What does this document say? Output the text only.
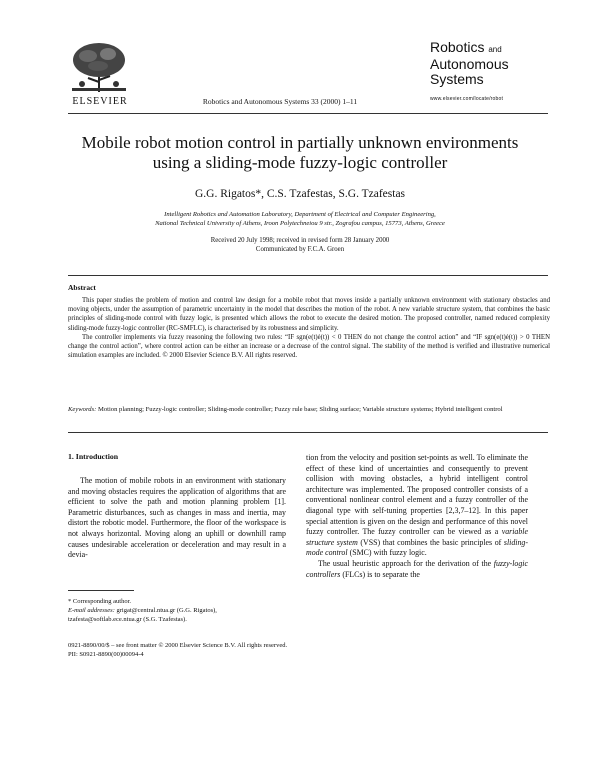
ELSEVIER	Robotics and Autonomous Systems 33 (2000) 1–11
Robotics and
Autonomous
Systems
www.elsevier.com/locate/robot
Mobile robot motion control in partially unknown environments
using a sliding-mode fuzzy-logic controller
G.G. Rigatos*, C.S. Tzafestas, S.G. Tzafestas
Intelligent Robotics and Automation Laboratory, Department of Electrical and Computer Engineering,
National Technical University of Athens, Iroon Polytechneiou 9 str., Zografou campus, 15773, Athens, Greece
Received 20 July 1998; received in revised form 28 January 2000
Communicated by F.C.A. Groen
Abstract

This paper studies the problem of motion and control law design for a mobile robot that moves inside a partially unknown environment with stationary obstacles and moving objects, under the assumption of parametric uncertainty in the model that describes the motion of the robot. A new variable structure system, that combines the basic principles of sliding-mode control with fuzzy logic, is presented which allows the robot to execute the desired motion. The proposed controller, named reduced complexity sliding-mode fuzzy-logic controller (RC-SMFLC), is characterised by its robustness and simplicity.

The controller implements via fuzzy reasoning the following two rules: “IF sgn(e(t)ė(t)) < 0 THEN do not change the control action” and “IF sgn(e(t)ė(t)) > 0 THEN change the control action”, where control action can be either an increase or a decrease of the control signal. The stability of the method is verified and illustrative numerical simulation examples are included. © 2000 Elsevier Science B.V. All rights reserved.

Keywords: Motion planning; Fuzzy-logic controller; Sliding-mode controller; Fuzzy rule base; Sliding surface; Variable structure systems; Hybrid intelligent control
1. Introduction

The motion of mobile robots in an environment with stationary and moving obstacles requires the application of algorithms that are efficient to solve the path and motion planning problem [1]. Parametric disturbances, such as changes in mass and inertia, may distort the robotic model. Furthermore, the floor of the workspace is not always horizontal. Moving along an uphill or downhill ramp causes undesirable acceleration or deceleration and may result in a devia-

tion from the velocity and position set-points as well. To eliminate the effect of these kind of uncertainties and consequently to prevent collision with moving obstacles, a hybrid intelligent control architecture was implemented. The proposed controller consists of a conventional nonlinear control element and a fuzzy controller of the diagonal type with self-tuning properties [2,3,7–12]. In this paper special attention is given on the design and performance of this novel fuzzy controller. The fuzzy controller can be viewed as a variable structure system (VSS) that combines the basic principles of sliding-mode control (SMC) with fuzzy logic.

The usual heuristic approach for the derivation of the fuzzy-logic controllers (FLCs) is to separate the

* Corresponding author.
E-mail addresses: grigat@central.ntua.gr (G.G. Rigatos),
tzafesta@softlab.ece.ntua.gr (S.G. Tzafestas).
0921-8890/00/$ – see front matter © 2000 Elsevier Science B.V. All rights reserved.
PII: S0921-8890(00)00094-4
